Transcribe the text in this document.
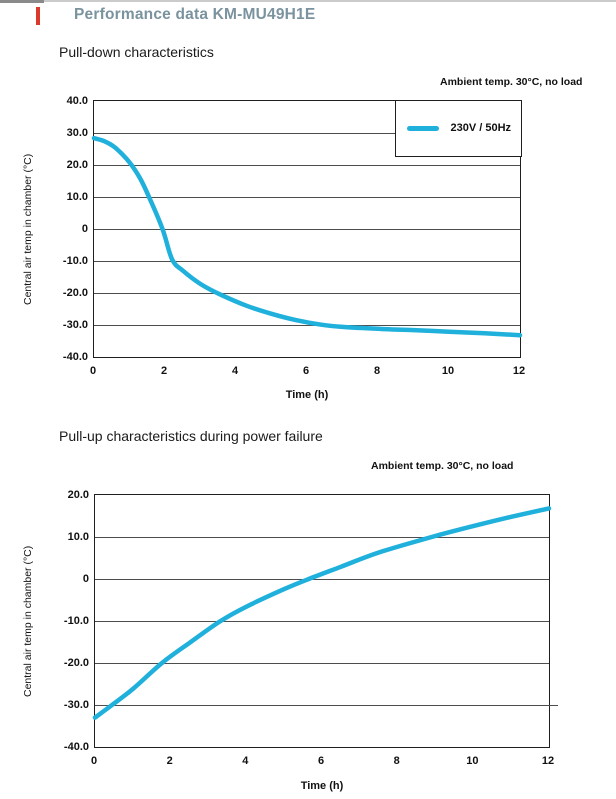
Performance data KM-MU49H1E
Pull-down characteristics
Ambient temp. 30°C, no load
Central air temp in chamber (°C)
230V / 50Hz
Time (h)
Pull-up characteristics during power failure
Ambient temp. 30°C, no load
Central air temp in chamber (°C)
Time (h)
40.0
30.0
20.0
10.0
0
-10.0
-20.0
-30.0
-40.0
0	2	4	6	8	10	12
20.0
10.0
0
-10.0
-20.0
-30.0
-40.0
0	2	4	6	8	10	12
